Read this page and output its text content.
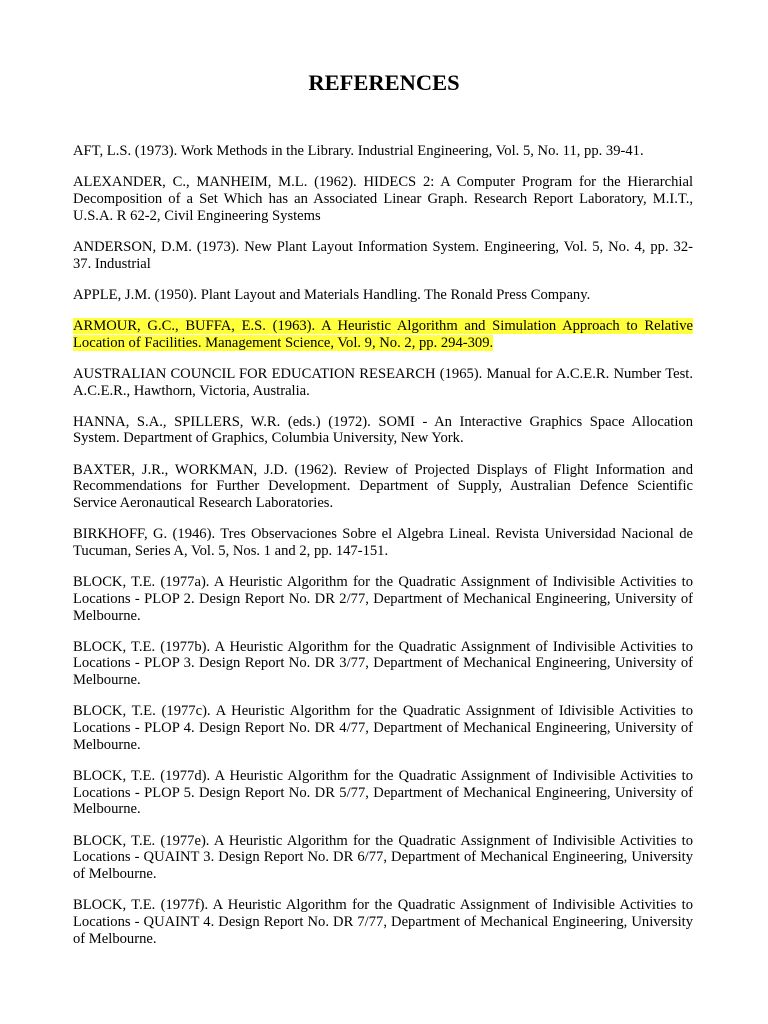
REFERENCES
AFT, L.S. (1973). Work Methods in the Library. Industrial Engineering, Vol. 5, No. 11, pp. 39-41.
ALEXANDER, C., MANHEIM, M.L. (1962). HIDECS 2: A Computer Program for the Hierarchial Decomposition of a Set Which has an Associated Linear Graph. Research Report Laboratory, M.I.T., U.S.A. R 62-2, Civil Engineering Systems
ANDERSON, D.M. (1973). New Plant Layout Information System. Engineering, Vol. 5, No. 4, pp. 32-37. Industrial
APPLE, J.M. (1950). Plant Layout and Materials Handling. The Ronald Press Company.
ARMOUR, G.C., BUFFA, E.S. (1963). A Heuristic Algorithm and Simulation Approach to Relative Location of Facilities. Management Science, Vol. 9, No. 2, pp. 294-309.
AUSTRALIAN COUNCIL FOR EDUCATION RESEARCH (1965). Manual for A.C.E.R. Number Test. A.C.E.R., Hawthorn, Victoria, Australia.
HANNA, S.A., SPILLERS, W.R. (eds.) (1972). SOMI - An Interactive Graphics Space Allocation System. Department of Graphics, Columbia University, New York.
BAXTER, J.R., WORKMAN, J.D. (1962). Review of Projected Displays of Flight Information and Recommendations for Further Development. Department of Supply, Australian Defence Scientific Service Aeronautical Research Laboratories.
BIRKHOFF, G. (1946). Tres Observaciones Sobre el Algebra Lineal. Revista Universidad Nacional de Tucuman, Series A, Vol. 5, Nos. 1 and 2, pp. 147-151.
BLOCK, T.E. (1977a). A Heuristic Algorithm for the Quadratic Assignment of Indivisible Activities to Locations - PLOP 2. Design Report No. DR 2/77, Department of Mechanical Engineering, University of Melbourne.
BLOCK, T.E. (1977b). A Heuristic Algorithm for the Quadratic Assignment of Indivisible Activities to Locations - PLOP 3. Design Report No. DR 3/77, Department of Mechanical Engineering, University of Melbourne.
BLOCK, T.E. (1977c). A Heuristic Algorithm for the Quadratic Assignment of Idivisible Activities to Locations - PLOP 4. Design Report No. DR 4/77, Department of Mechanical Engineering, University of Melbourne.
BLOCK, T.E. (1977d). A Heuristic Algorithm for the Quadratic Assignment of Indivisible Activities to Locations - PLOP 5. Design Report No. DR 5/77, Department of Mechanical Engineering, University of Melbourne.
BLOCK, T.E. (1977e). A Heuristic Algorithm for the Quadratic Assignment of Indivisible Activities to Locations - QUAINT 3. Design Report No. DR 6/77, Department of Mechanical Engineering, University of Melbourne.
BLOCK, T.E. (1977f). A Heuristic Algorithm for the Quadratic Assignment of Indivisible Activities to Locations - QUAINT 4. Design Report No. DR 7/77, Department of Mechanical Engineering, University of Melbourne.
